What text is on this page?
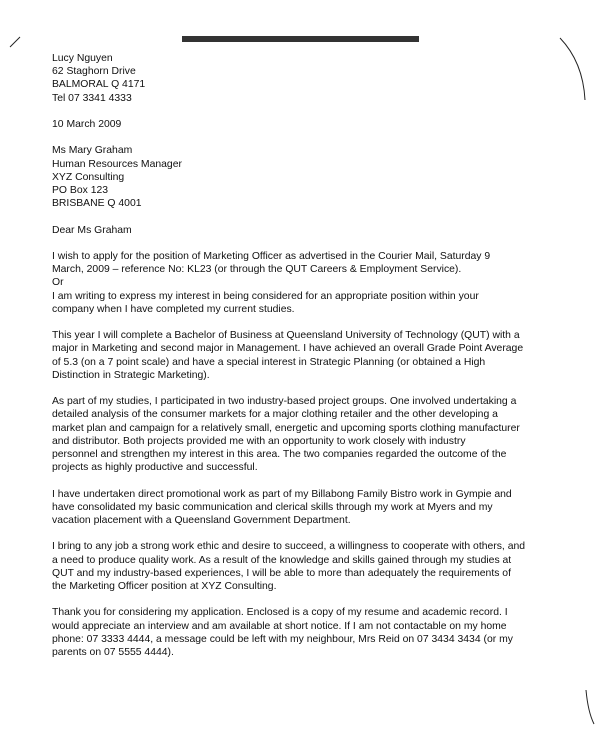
Lucy Nguyen
62 Staghorn Drive
BALMORAL Q 4171
Tel 07 3341 4333
10 March 2009
Ms Mary Graham
Human Resources Manager
XYZ Consulting
PO Box 123
BRISBANE Q 4001
Dear Ms Graham
I wish to apply for the position of Marketing Officer as advertised in the Courier Mail, Saturday 9
March, 2009 – reference No: KL23 (or through the QUT Careers & Employment Service).
Or
I am writing to express my interest in being considered for an appropriate position within your
company when I have completed my current studies.
This year I will complete a Bachelor of Business at Queensland University of Technology (QUT) with a
major in Marketing and second major in Management. I have achieved an overall Grade Point Average
of 5.3 (on a 7 point scale) and have a special interest in Strategic Planning (or obtained a High
Distinction in Strategic Marketing).
As part of my studies, I participated in two industry-based project groups. One involved undertaking a
detailed analysis of the consumer markets for a major clothing retailer and the other developing a
market plan and campaign for a relatively small, energetic and upcoming sports clothing manufacturer
and distributor. Both projects provided me with an opportunity to work closely with industry
personnel and strengthen my interest in this area. The two companies regarded the outcome of the
projects as highly productive and successful.
I have undertaken direct promotional work as part of my Billabong Family Bistro work in Gympie and
have consolidated my basic communication and clerical skills through my work at Myers and my
vacation placement with a Queensland Government Department.
I bring to any job a strong work ethic and desire to succeed, a willingness to cooperate with others, and
a need to produce quality work. As a result of the knowledge and skills gained through my studies at
QUT and my industry-based experiences, I will be able to more than adequately the requirements of
the Marketing Officer position at XYZ Consulting.
Thank you for considering my application. Enclosed is a copy of my resume and academic record. I
would appreciate an interview and am available at short notice. If I am not contactable on my home
phone: 07 3333 4444, a message could be left with my neighbour, Mrs Reid on 07 3434 3434 (or my
parents on 07 5555 4444).
